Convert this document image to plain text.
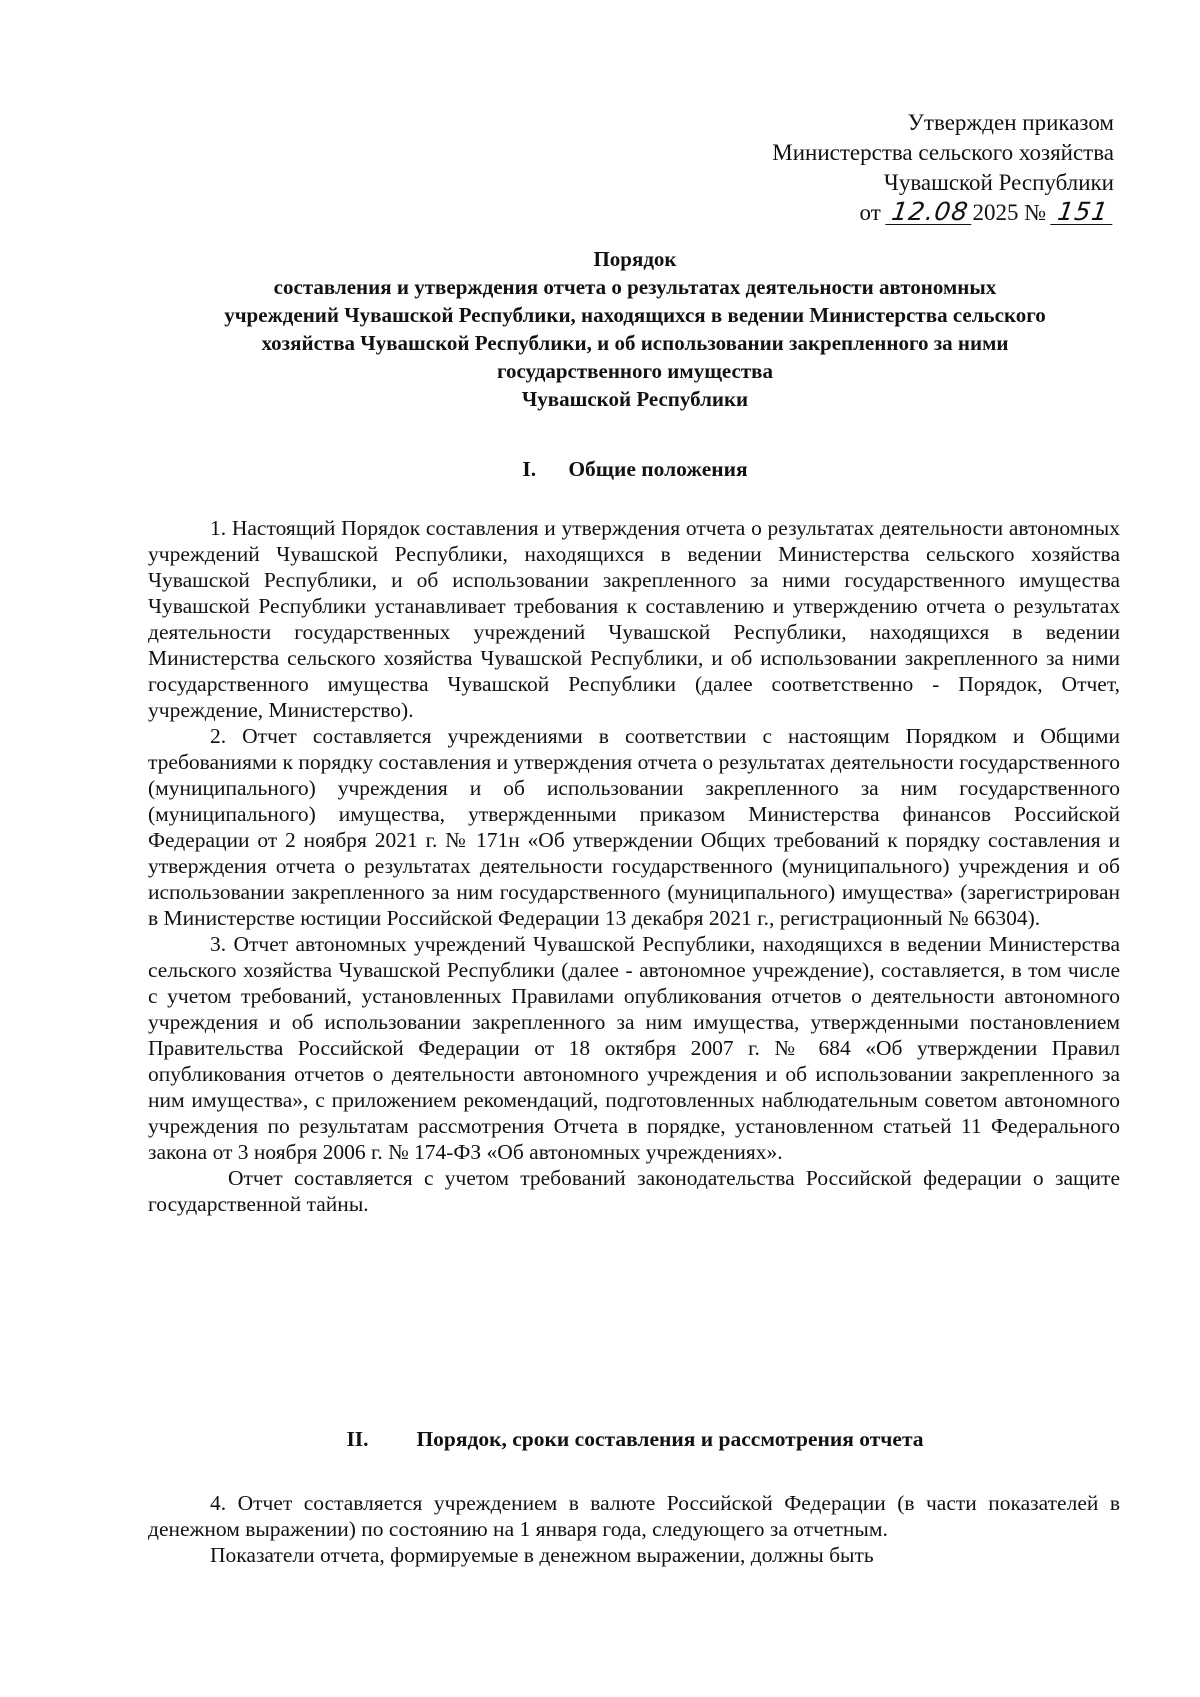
Утвержден приказом
Министерства сельского хозяйства
Чувашской Республики
от 12.08 2025 № 151
Порядок
составления и утверждения отчета о результатах деятельности автономных
учреждений Чувашской Республики, находящихся в ведении Министерства сельского
хозяйства Чувашской Республики, и об использовании закрепленного за ними
государственного имущества
Чувашской Республики
I. Общие положения

1. Настоящий Порядок составления и утверждения отчета о результатах деятельности автономных учреждений Чувашской Республики, находящихся в ведении Министерства сельского хозяйства Чувашской Республики, и об использовании закрепленного за ними государственного имущества Чувашской Республики устанавливает требования к составлению и утверждению отчета о результатах деятельности государственных учреждений Чувашской Республики, находящихся в ведении Министерства сельского хозяйства Чувашской Республики, и об использовании закрепленного за ними государственного имущества Чувашской Республики (далее соответственно - Порядок, Отчет, учреждение, Министерство).

2. Отчет составляется учреждениями в соответствии с настоящим Порядком и Общими требованиями к порядку составления и утверждения отчета о результатах деятельности государственного (муниципального) учреждения и об использовании закрепленного за ним государственного (муниципального) имущества, утвержденными приказом Министерства финансов Российской Федерации от 2 ноября 2021 г. № 171н «Об утверждении Общих требований к порядку составления и утверждения отчета о результатах деятельности государственного (муниципального) учреждения и об использовании закрепленного за ним государственного (муниципального) имущества» (зарегистрирован в Министерстве юстиции Российской Федерации 13 декабря 2021 г., регистрационный № 66304).

3. Отчет автономных учреждений Чувашской Республики, находящихся в ведении Министерства сельского хозяйства Чувашской Республики (далее - автономное учреждение), составляется, в том числе с учетом требований, установленных Правилами опубликования отчетов о деятельности автономного учреждения и об использовании закрепленного за ним имущества, утвержденными постановлением Правительства Российской Федерации от 18 октября 2007 г. № 684 «Об утверждении Правил опубликования отчетов о деятельности автономного учреждения и об использовании закрепленного за ним имущества», с приложением рекомендаций, подготовленных наблюдательным советом автономного учреждения по результатам рассмотрения Отчета в порядке, установленном статьей 11 Федерального закона от 3 ноября 2006 г. № 174-ФЗ «Об автономных учреждениях».

Отчет составляется с учетом требований законодательства Российской федерации о защите государственной тайны.

II. Порядок, сроки составления и рассмотрения отчета

4. Отчет составляется учреждением в валюте Российской Федерации (в части показателей в денежном выражении) по состоянию на 1 января года, следующего за отчетным.

Показатели отчета, формируемые в денежном выражении, должны быть
